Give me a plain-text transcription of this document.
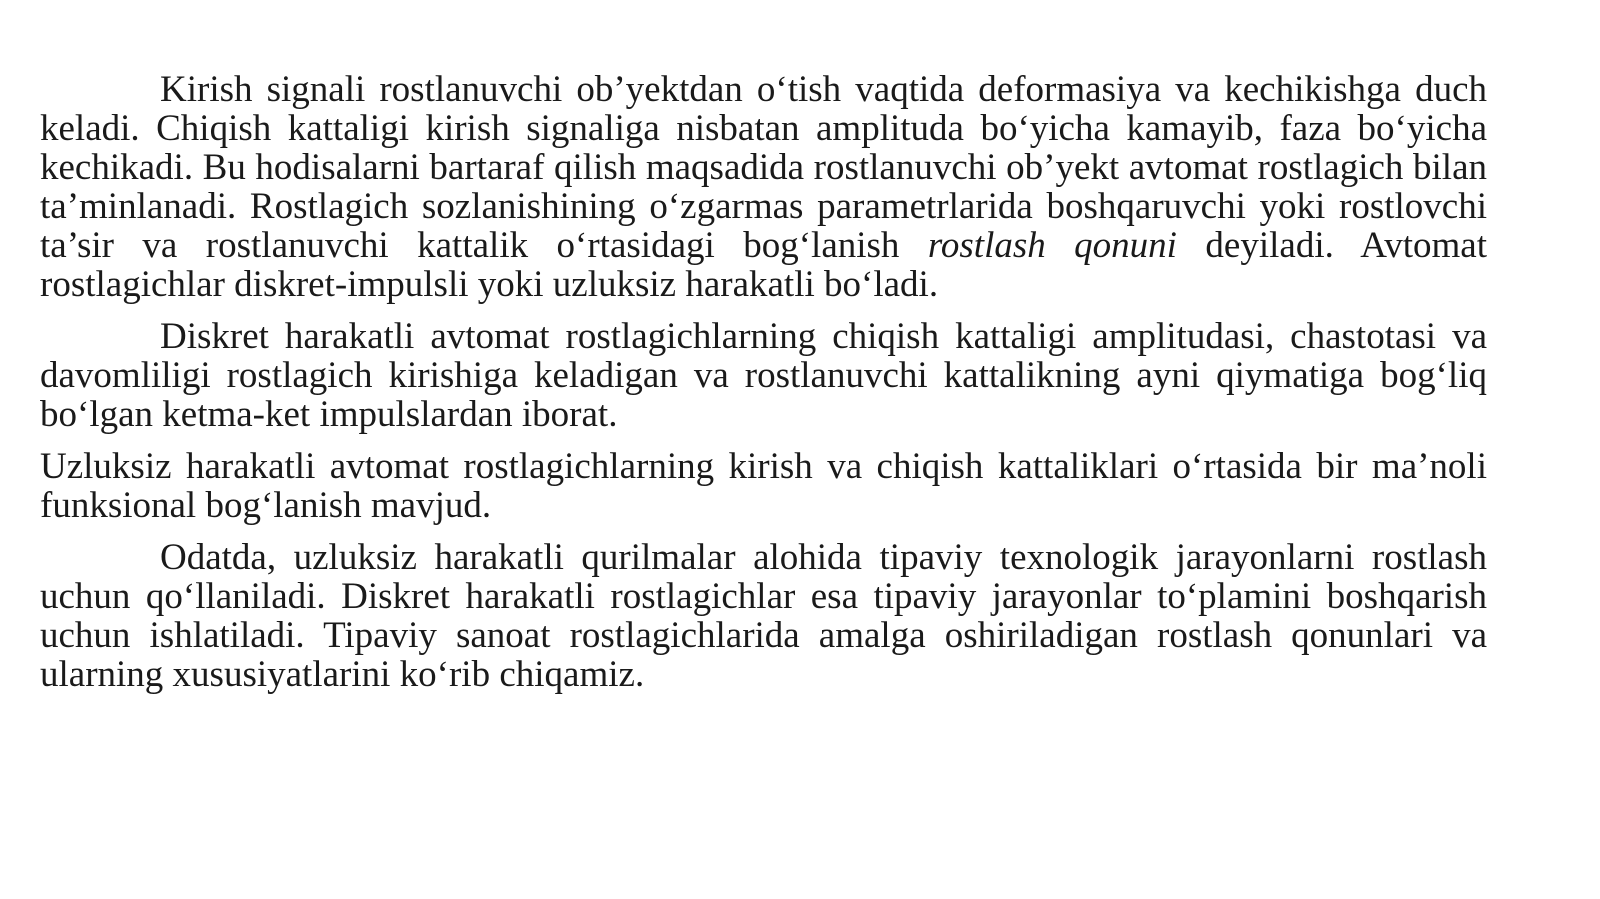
Kirish signali rostlanuvchi ob’yektdan o‘tish vaqtida deformasiya va kechikishga duch keladi. Chiqish kattaligi kirish signaliga nisbatan amplituda bo‘yicha kamayib, faza bo‘yicha kechikadi. Bu hodisalarni bartaraf qilish maqsadida rostlanuvchi ob’yekt avtomat rostlagich bilan ta’minlanadi. Rostlagich sozlanishining o‘zgarmas parametrlarida boshqaruvchi yoki rostlovchi ta’sir va rostlanuvchi kattalik o‘rtasidagi bog‘lanish rostlash qonuni deyiladi. Avtomat rostlagichlar diskret-impulsli yoki uzluksiz harakatli bo‘ladi.

Diskret harakatli avtomat rostlagichlarning chiqish kattaligi amplitudasi, chastotasi va davomliligi rostlagich kirishiga keladigan va rostlanuvchi kattalikning ayni qiymatiga bog‘liq bo‘lgan ketma-ket impulslardan iborat.

Uzluksiz harakatli avtomat rostlagichlarning kirish va chiqish kattaliklari o‘rtasida bir ma’noli funksional bog‘lanish mavjud.

Odatda, uzluksiz harakatli qurilmalar alohida tipaviy texnologik jarayonlarni rostlash uchun qo‘llaniladi. Diskret harakatli rostlagichlar esa tipaviy jarayonlar to‘plamini boshqarish uchun ishlatiladi. Tipaviy sanoat rostlagichlarida amalga oshiriladigan rostlash qonunlari va ularning xususiyatlarini ko‘rib chiqamiz.
